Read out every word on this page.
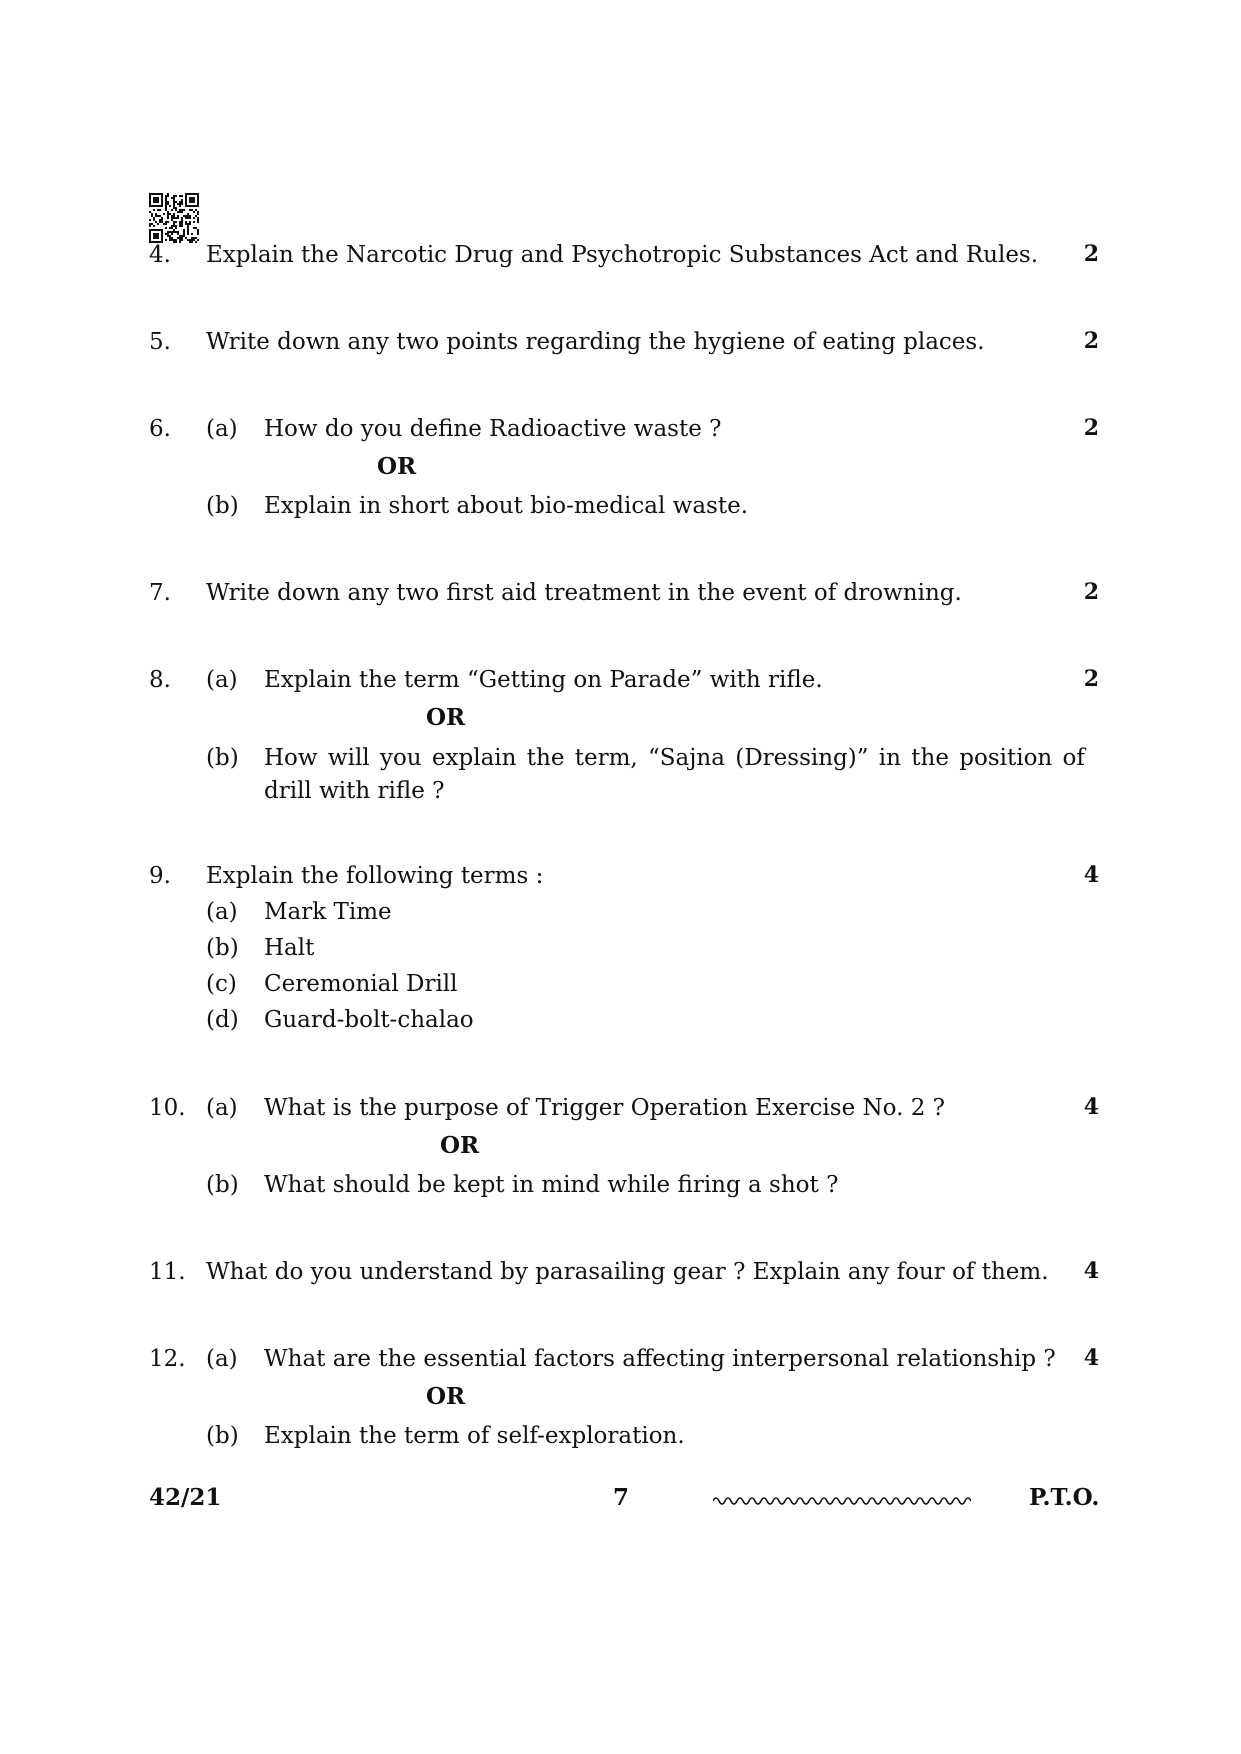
4. Explain the Narcotic Drug and Psychotropic Substances Act and Rules.	2
5. Write down any two points regarding the hygiene of eating places.	2
6. (a) How do you define Radioactive waste ?	2
OR
(b) Explain in short about bio-medical waste.
7. Write down any two first aid treatment in the event of drowning.	2
8. (a) Explain the term “Getting on Parade” with rifle.	2
OR
(b) How will you explain the term, “Sajna (Dressing)” in the position of
drill with rifle ?
9. Explain the following terms :	4
(a) Mark Time
(b) Halt
(c) Ceremonial Drill
(d) Guard-bolt-chalao
10. (a) What is the purpose of Trigger Operation Exercise No. 2 ?	4
OR
(b) What should be kept in mind while firing a shot ?
11. What do you understand by parasailing gear ? Explain any four of them.	4
12. (a) What are the essential factors affecting interpersonal relationship ?	4
OR
(b) Explain the term of self-exploration.
42/21	7	P.T.O.
